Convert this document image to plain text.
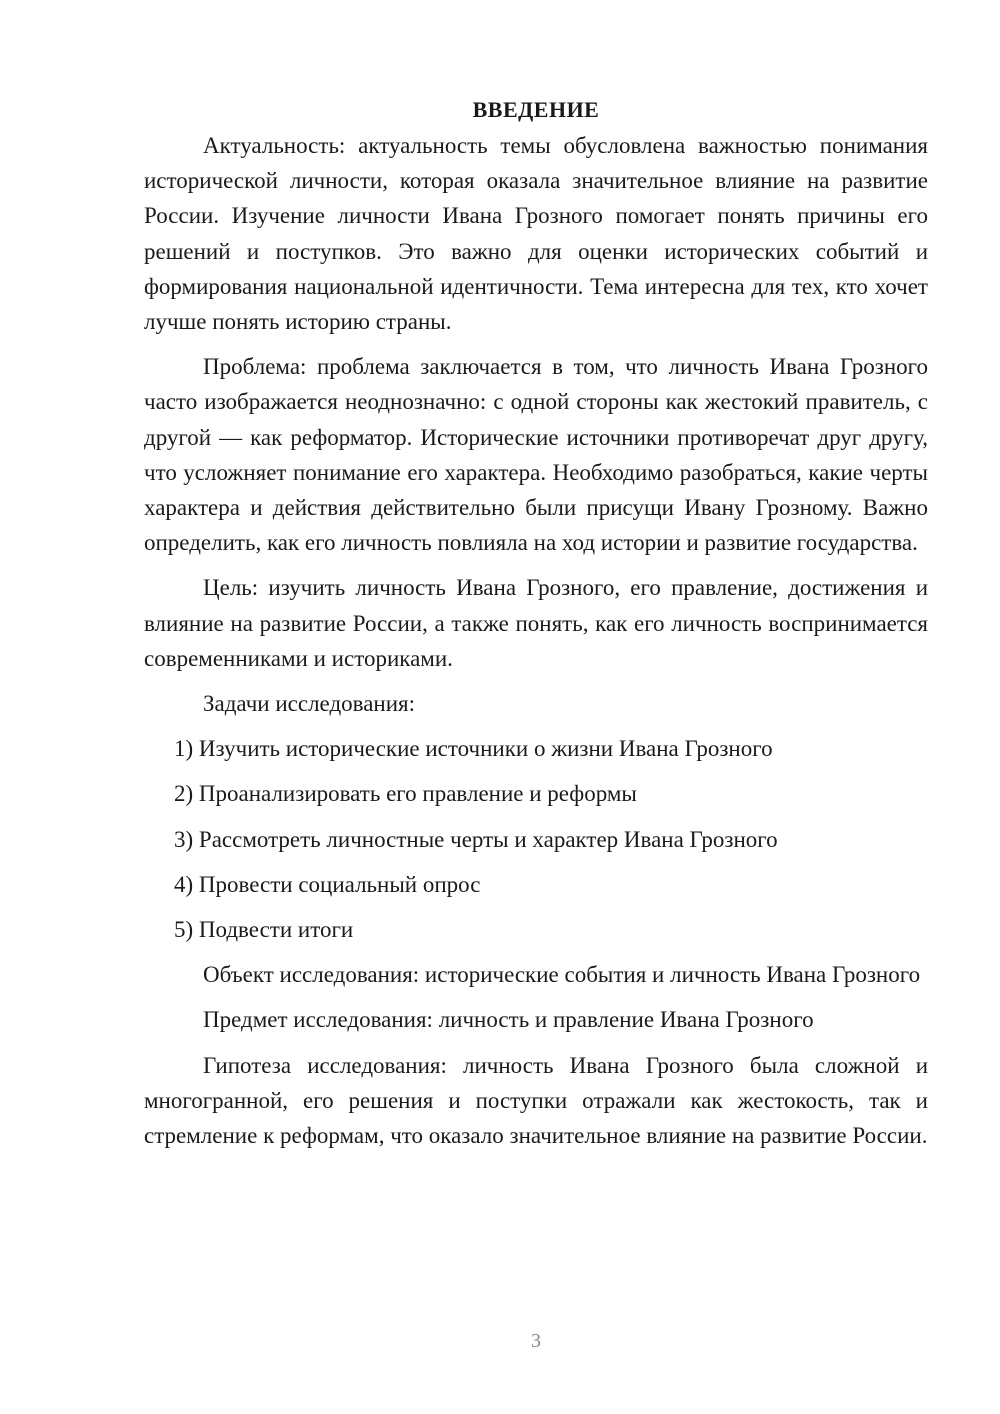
ВВЕДЕНИЕ

Актуальность: актуальность темы обусловлена важностью понимания исторической личности, которая оказала значительное влияние на развитие России. Изучение личности Ивана Грозного помогает понять причины его решений и поступков. Это важно для оценки исторических событий и формирования национальной идентичности. Тема интересна для тех, кто хочет лучше понять историю страны.

Проблема: проблема заключается в том, что личность Ивана Грозного часто изображается неоднозначно: с одной стороны как жестокий правитель, с другой — как реформатор. Исторические источники противоречат друг другу, что усложняет понимание его характера. Необходимо разобраться, какие черты характера и действия действительно были присущи Ивану Грозному. Важно определить, как его личность повлияла на ход истории и развитие государства.

Цель: изучить личность Ивана Грозного, его правление, достижения и влияние на развитие России, а также понять, как его личность воспринимается современниками и историками.

Задачи исследования:

1) Изучить исторические источники о жизни Ивана Грозного

2) Проанализировать его правление и реформы

3) Рассмотреть личностные черты и характер Ивана Грозного

4) Провести социальный опрос

5) Подвести итоги

Объект исследования: исторические события и личность Ивана Грозного

Предмет исследования: личность и правление Ивана Грозного

Гипотеза исследования: личность Ивана Грозного была сложной и многогранной, его решения и поступки отражали как жестокость, так и стремление к реформам, что оказало значительное влияние на развитие России.

3
